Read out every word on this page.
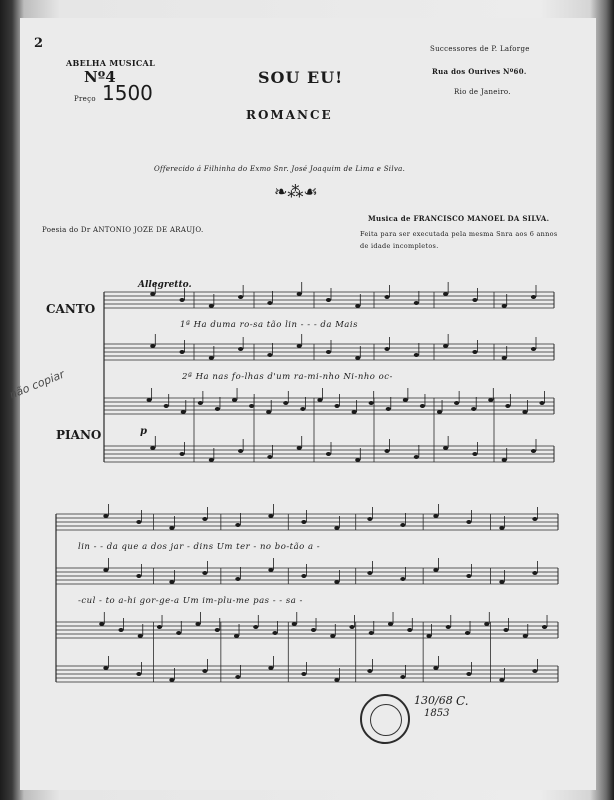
2
ABELHA MUSICAL
Nº4
Preço 1500
Successores de P. Laforge
Rua dos Ourives Nº60.
Rio de Janeiro.
SOU EU!
ROMANCE
Offerecido á Filhinha do Exmo Snr. José Joaquim de Lima e Silva.
❧⁂☙
Poesia do Dr ANTONIO JOZE DE ARAUJO.
Musica de FRANCISCO MANOEL DA SILVA.
Feita para ser executada pela mesma Snra aos 6 annos
de idade incompletos.
Allegretto.
CANTO
PIANO	p
1ª Ha duma ro-sa tão lin - - - da Mais
2ª Ha nas fo-lhas d'um ra-mi-nho Ni-nho oc-
lin - - da que a dos jar - dins Um ter - no bo-tão a -
-cul - to a-hi gor-ge-a Um im-plu-me pas - - sa -
não copiar
130/68
1853
C.
